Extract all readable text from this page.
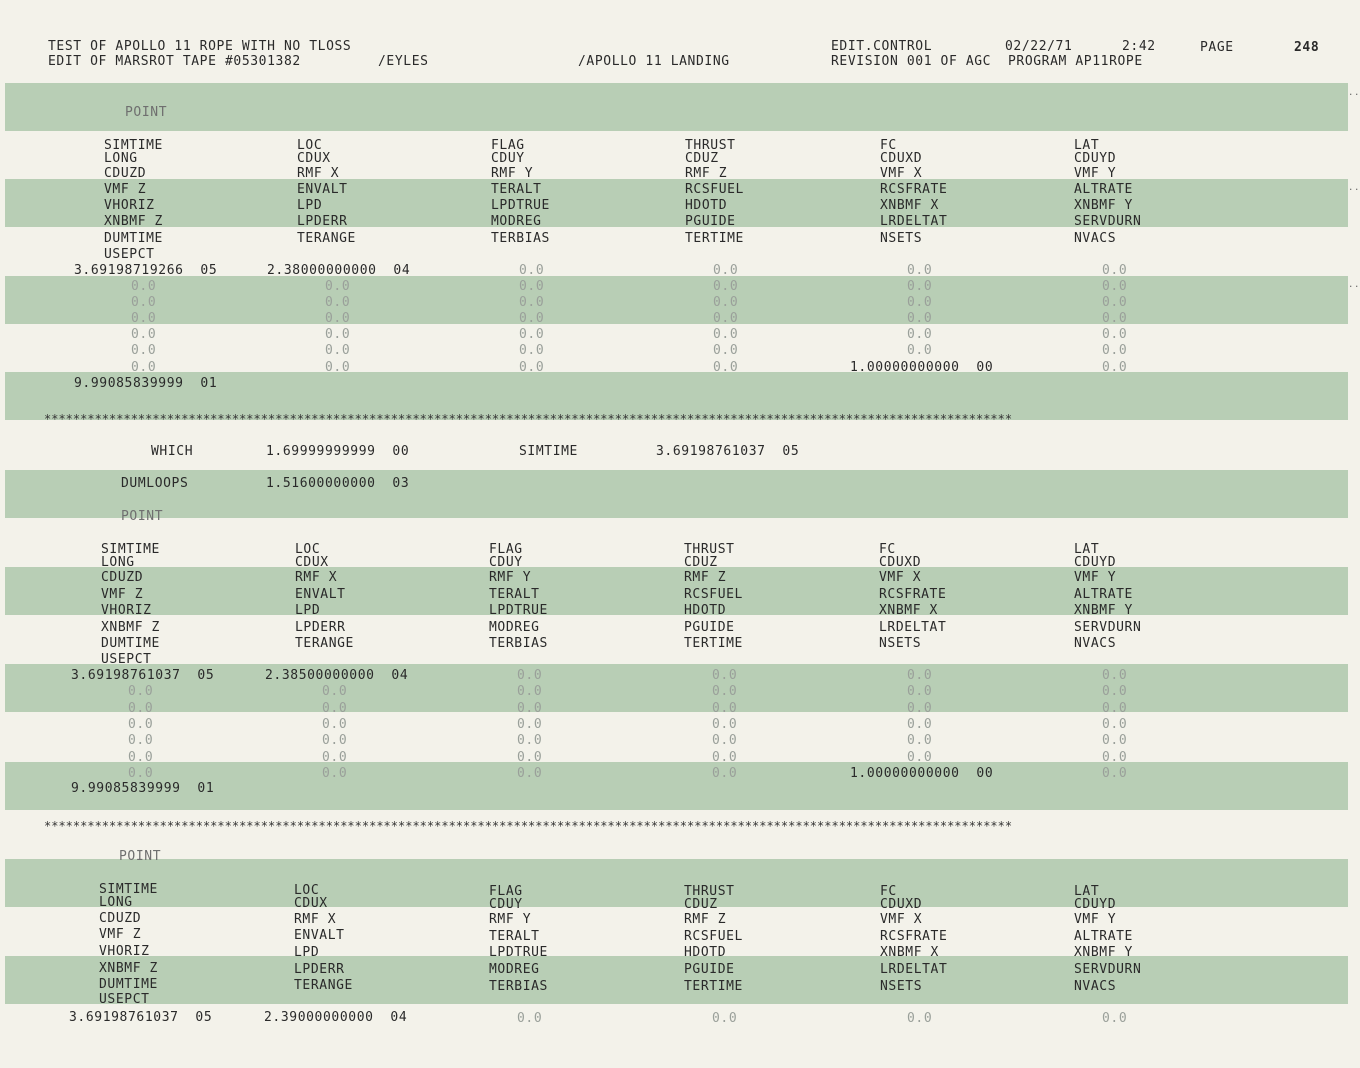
..
..
..
TEST OF APOLLO 11 ROPE WITH NO TLOSS
EDIT OF MARSROT TAPE #05301382	/EYLES	/APOLLO 11 LANDING
EDIT.CONTROL	02/22/71	2:42	PAGE	248
REVISION 001 OF AGC  PROGRAM AP11ROPE
POINT
SIMTIME	LOC	FLAG	THRUST	FC	LAT
LONG	CDUX	CDUY	CDUZ	CDUXD	CDUYD
CDUZD	RMF X	RMF Y	RMF Z	VMF X	VMF Y
VMF Z	ENVALT	TERALT	RCSFUEL	RCSFRATE	ALTRATE
VHORIZ	LPD	LPDTRUE	HDOTD	XNBMF X	XNBMF Y
XNBMF Z	LPDERR	MODREG	PGUIDE	LRDELTAT	SERVDURN
DUMTIME	TERANGE	TERBIAS	TERTIME	NSETS	NVACS
USEPCT
3.69198719266  05	2.38000000000  04	0.0	0.0	0.0	0.0
0.0	0.0	0.0	0.0	0.0	0.0
0.0	0.0	0.0	0.0	0.0	0.0
0.0	0.0	0.0	0.0	0.0	0.0
0.0	0.0	0.0	0.0	0.0	0.0
0.0	0.0	0.0	0.0	0.0	0.0
0.0	0.0	0.0	0.0	1.00000000000  00	0.0
9.99085839999  01
**************************************************************************************************************************************
WHICH	1.69999999999  00	SIMTIME	3.69198761037  05
DUMLOOPS	1.51600000000  03
POINT
SIMTIME	LOC	FLAG	THRUST	FC	LAT
LONG	CDUX	CDUY	CDUZ	CDUXD	CDUYD
CDUZD	RMF X	RMF Y	RMF Z	VMF X	VMF Y
VMF Z	ENVALT	TERALT	RCSFUEL	RCSFRATE	ALTRATE
VHORIZ	LPD	LPDTRUE	HDOTD	XNBMF X	XNBMF Y
XNBMF Z	LPDERR	MODREG	PGUIDE	LRDELTAT	SERVDURN
DUMTIME	TERANGE	TERBIAS	TERTIME	NSETS	NVACS
USEPCT
3.69198761037  05	2.38500000000  04	0.0	0.0	0.0	0.0
0.0	0.0	0.0	0.0	0.0	0.0
0.0	0.0	0.0	0.0	0.0	0.0
0.0	0.0	0.0	0.0	0.0	0.0
0.0	0.0	0.0	0.0	0.0	0.0
0.0	0.0	0.0	0.0	0.0	0.0
0.0	0.0	0.0	0.0	1.00000000000  00	0.0
9.99085839999  01
**************************************************************************************************************************************
POINT
SIMTIME	LOC	FLAG	THRUST	FC	LAT
LONG	CDUX	CDUY	CDUZ	CDUXD	CDUYD
CDUZD	RMF X	RMF Y	RMF Z	VMF X	VMF Y
VMF Z	ENVALT	TERALT	RCSFUEL	RCSFRATE	ALTRATE
VHORIZ	LPD	LPDTRUE	HDOTD	XNBMF X	XNBMF Y
XNBMF Z	LPDERR	MODREG	PGUIDE	LRDELTAT	SERVDURN
DUMTIME	TERANGE	TERBIAS	TERTIME	NSETS	NVACS
USEPCT
3.69198761037  05	2.39000000000  04	0.0	0.0	0.0	0.0
